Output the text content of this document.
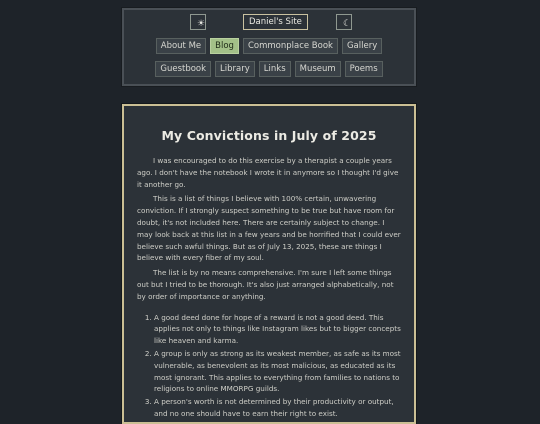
☀	Daniel's Site	☾
About Me Blog Commonplace Book Gallery
Guestbook Library Links Museum Poems
My Convictions in July of 2025

I was encouraged to do this exercise by a therapist a couple years ago. I don't have the notebook I wrote it in anymore so I thought I'd give it another go.

This is a list of things I believe with 100% certain, unwavering conviction. If I strongly suspect something to be true but have room for doubt, it's not included here. There are certainly subject to change. I may look back at this list in a few years and be horrified that I could ever believe such awful things. But as of July 13, 2025, these are things I believe with every fiber of my soul.

The list is by no means comprehensive. I'm sure I left some things out but I tried to be thorough. It's also just arranged alphabetically, not by order of importance or anything.

1. A good deed done for hope of a reward is not a good deed. This applies not only to things like Instagram likes but to bigger concepts like heaven and karma.
2. A group is only as strong as its weakest member, as safe as its most vulnerable, as benevolent as its most malicious, as educated as its most ignorant. This applies to everything from families to nations to religions to online MMORPG guilds.
3. A person's worth is not determined by their productivity or output, and no one should have to earn their right to exist.
